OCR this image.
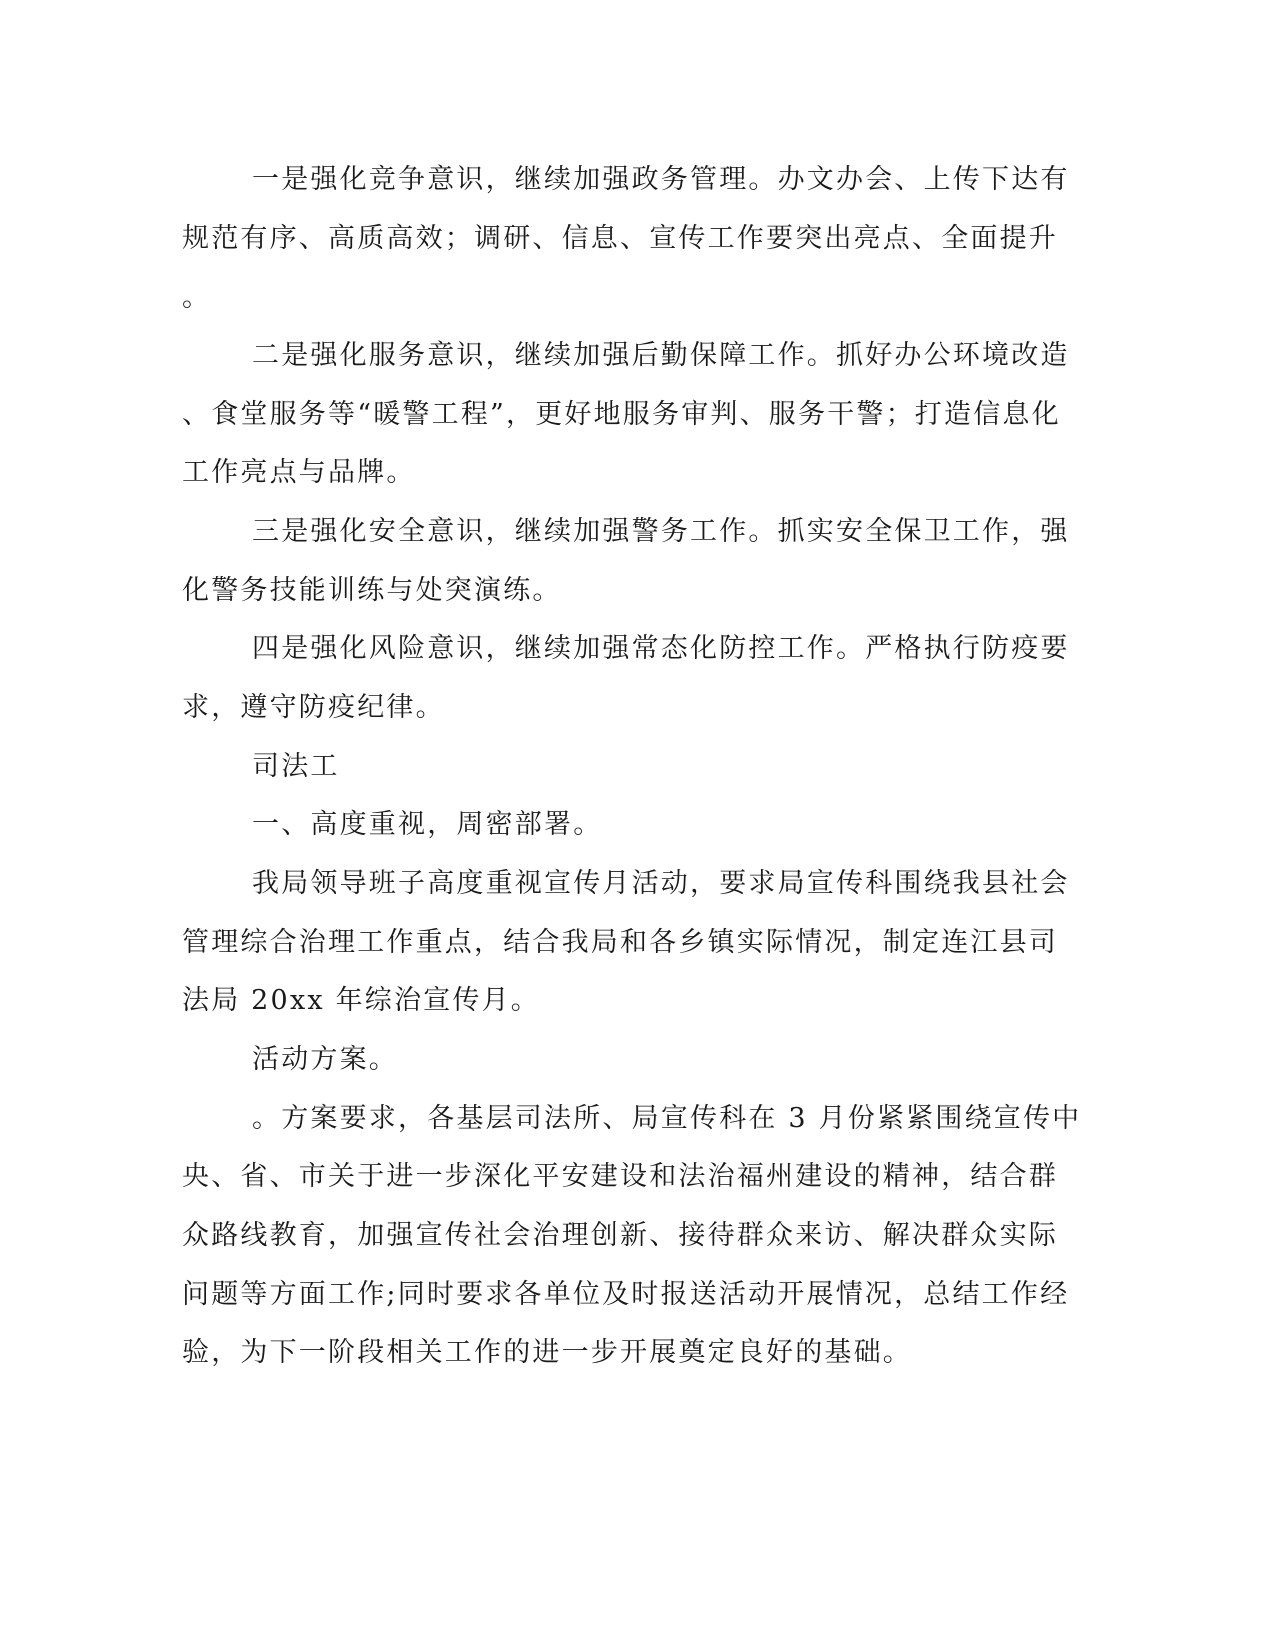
一是强化竞争意识，继续加强政务管理。办文办会、上传下达有
规范有序、高质高效；调研、信息、宣传工作要突出亮点、全面提升
。
二是强化服务意识，继续加强后勤保障工作。抓好办公环境改造
、食堂服务等“暖警工程”，更好地服务审判、服务干警；打造信息化
工作亮点与品牌。
三是强化安全意识，继续加强警务工作。抓实安全保卫工作，强
化警务技能训练与处突演练。
四是强化风险意识，继续加强常态化防控工作。严格执行防疫要
求，遵守防疫纪律。
司法工
一、高度重视，周密部署。
我局领导班子高度重视宣传月活动，要求局宣传科围绕我县社会
管理综合治理工作重点，结合我局和各乡镇实际情况，制定连江县司
法局 20xx 年综治宣传月。
活动方案。
。方案要求，各基层司法所、局宣传科在 3 月份紧紧围绕宣传中
央、省、市关于进一步深化平安建设和法治福州建设的精神，结合群
众路线教育，加强宣传社会治理创新、接待群众来访、解决群众实际
问题等方面工作;同时要求各单位及时报送活动开展情况，总结工作经
验，为下一阶段相关工作的进一步开展奠定良好的基础。
